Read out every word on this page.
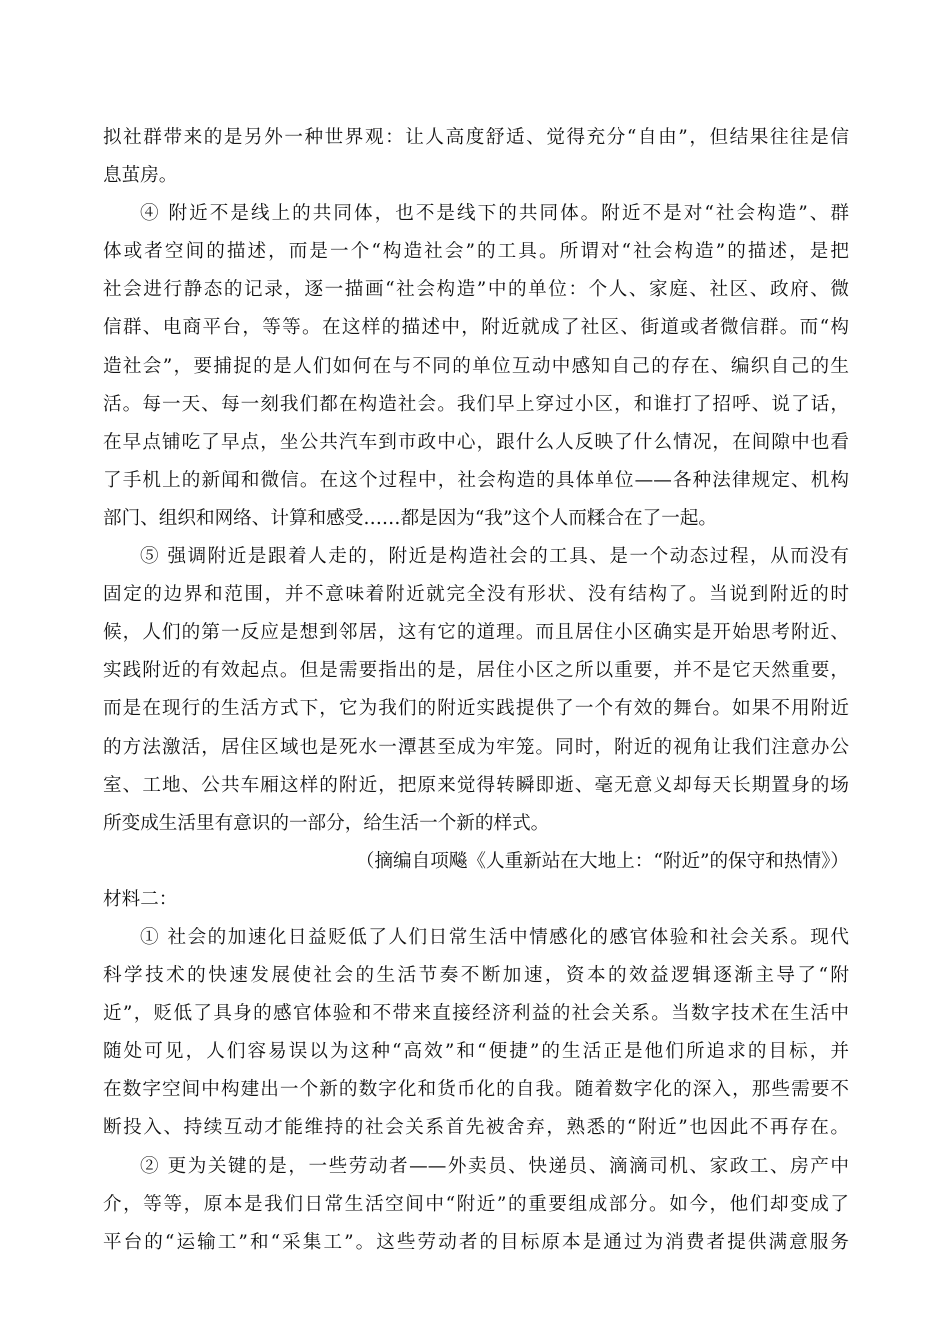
拟社群带来的是另外一种世界观：让人高度舒适、觉得充分“自由”，但结果往往是信
息茧房。
④ 附近不是线上的共同体，也不是线下的共同体。附近不是对“社会构造”、群
体或者空间的描述，而是一个“构造社会”的工具。所谓对“社会构造”的描述，是把
社会进行静态的记录，逐一描画“社会构造”中的单位：个人、家庭、社区、政府、微
信群、电商平台，等等。在这样的描述中，附近就成了社区、街道或者微信群。而“构
造社会”，要捕捉的是人们如何在与不同的单位互动中感知自己的存在、编织自己的生
活。每一天、每一刻我们都在构造社会。我们早上穿过小区，和谁打了招呼、说了话，
在早点铺吃了早点，坐公共汽车到市政中心，跟什么人反映了什么情况，在间隙中也看
了手机上的新闻和微信。在这个过程中，社会构造的具体单位——各种法律规定、机构
部门、组织和网络、计算和感受……都是因为“我”这个人而糅合在了一起。
⑤ 强调附近是跟着人走的，附近是构造社会的工具、是一个动态过程，从而没有
固定的边界和范围，并不意味着附近就完全没有形状、没有结构了。当说到附近的时
候，人们的第一反应是想到邻居，这有它的道理。而且居住小区确实是开始思考附近、
实践附近的有效起点。但是需要指出的是，居住小区之所以重要，并不是它天然重要，
而是在现行的生活方式下，它为我们的附近实践提供了一个有效的舞台。如果不用附近
的方法激活，居住区域也是死水一潭甚至成为牢笼。同时，附近的视角让我们注意办公
室、工地、公共车厢这样的附近，把原来觉得转瞬即逝、毫无意义却每天长期置身的场
所变成生活里有意识的一部分，给生活一个新的样式。
（摘编自项飚《人重新站在大地上：“附近”的保守和热情》）
材料二：
① 社会的加速化日益贬低了人们日常生活中情感化的感官体验和社会关系。现代
科学技术的快速发展使社会的生活节奏不断加速，资本的效益逻辑逐渐主导了“附
近”，贬低了具身的感官体验和不带来直接经济利益的社会关系。当数字技术在生活中
随处可见，人们容易误以为这种“高效”和“便捷”的生活正是他们所追求的目标，并
在数字空间中构建出一个新的数字化和货币化的自我。随着数字化的深入，那些需要不
断投入、持续互动才能维持的社会关系首先被舍弃，熟悉的“附近”也因此不再存在。
② 更为关键的是，一些劳动者——外卖员、快递员、滴滴司机、家政工、房产中
介，等等，原本是我们日常生活空间中“附近”的重要组成部分。如今，他们却变成了
平台的“运输工”和“采集工”。这些劳动者的目标原本是通过为消费者提供满意服务
